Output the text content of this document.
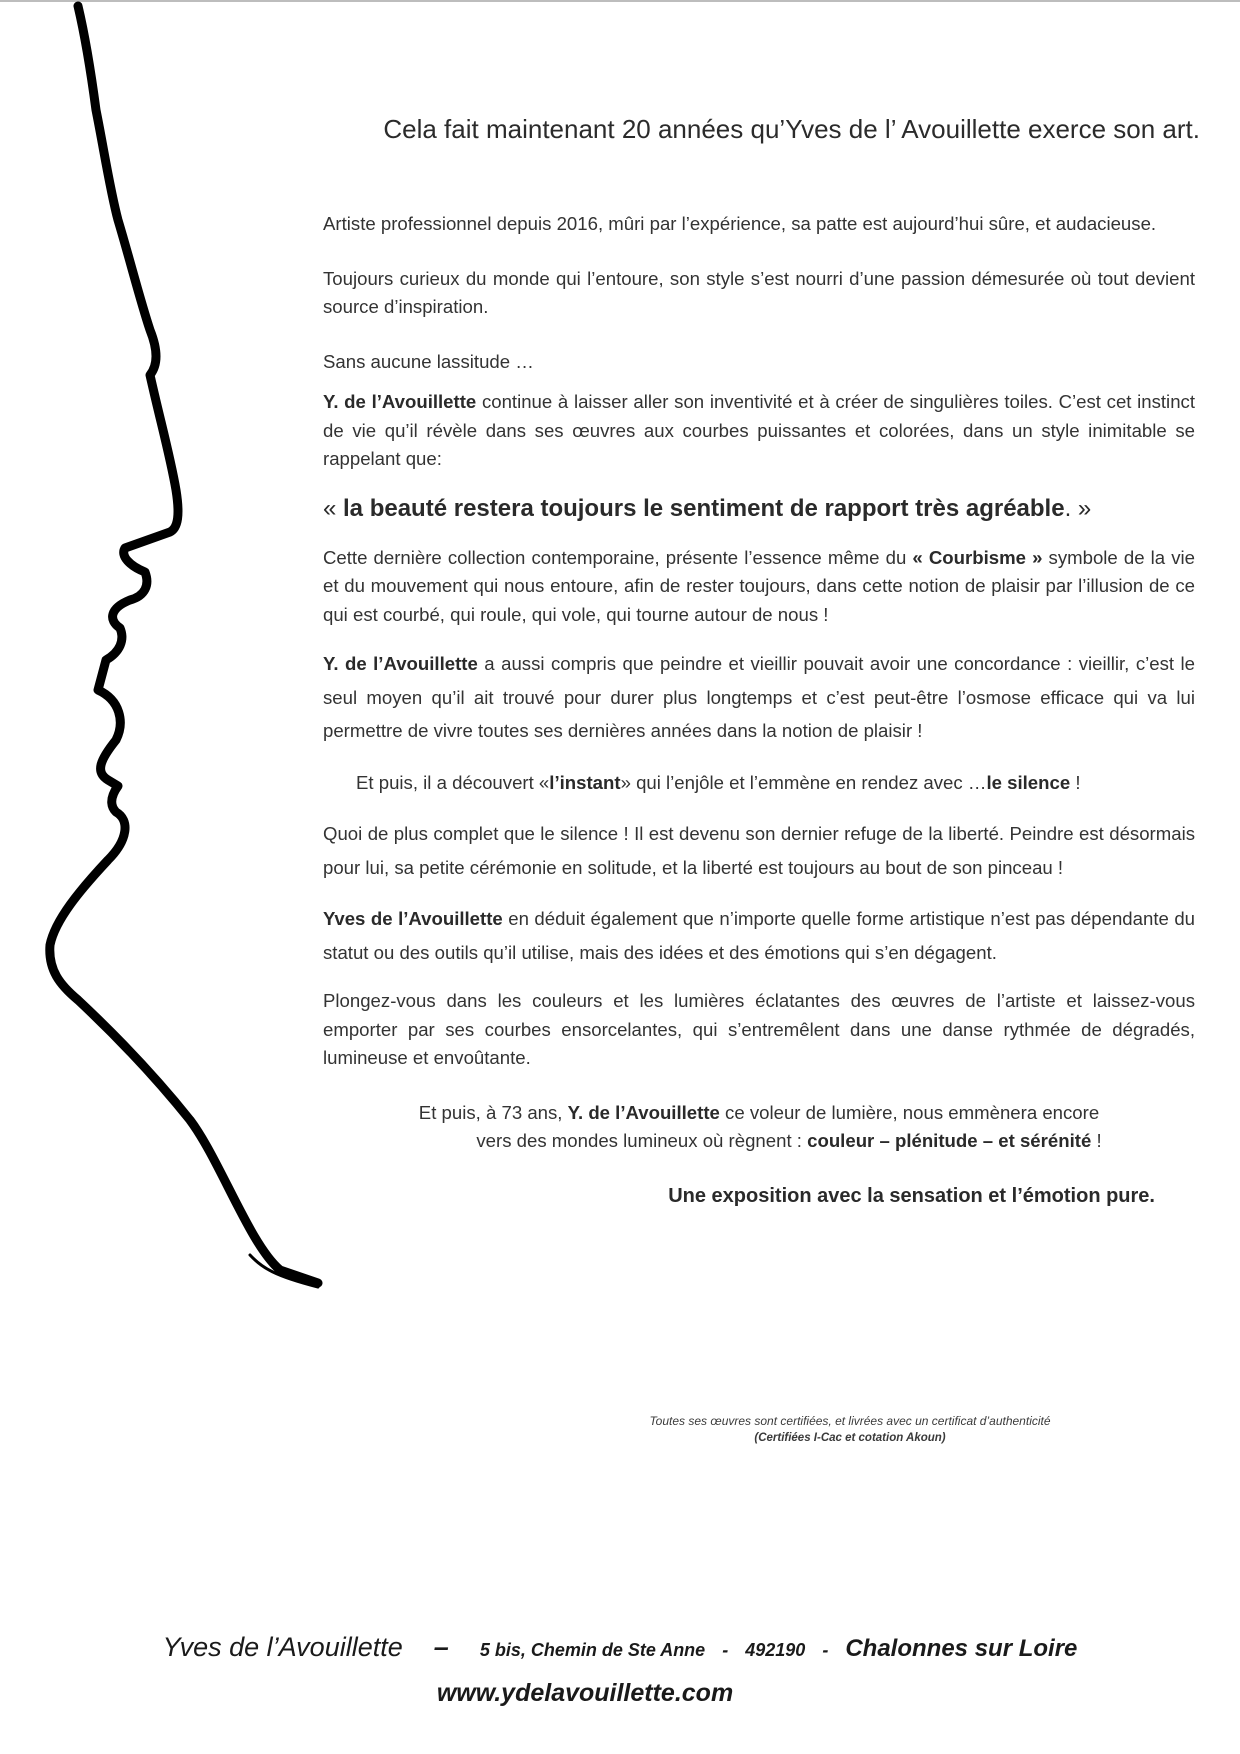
Cela fait maintenant 20 années qu’Yves de l’ Avouillette exerce son art.

Artiste professionnel depuis 2016, mûri par l’expérience, sa patte est aujourd’hui sûre, et audacieuse.

Toujours curieux du monde qui l’entoure, son style s’est nourri d’une passion démesurée où tout devient source d’inspiration.

Sans aucune lassitude …

Y. de l’Avouillette continue à laisser aller son inventivité et à créer de singulières toiles. C’est cet instinct de vie qu’il révèle dans ses œuvres aux courbes puissantes et colorées, dans un style inimitable se rappelant que:

« la beauté restera toujours le sentiment de rapport très agréable. »

Cette dernière collection contemporaine, présente l’essence même du « Courbisme » symbole de la vie et du mouvement qui nous entoure, afin de rester toujours, dans cette notion de plaisir par l’illusion de ce qui est courbé, qui roule, qui vole, qui tourne autour de nous !

Y. de l’Avouillette a aussi compris que peindre et vieillir pouvait avoir une concordance : vieillir, c’est le seul moyen qu’il ait trouvé pour durer plus longtemps et c’est peut-être l’osmose efficace qui va lui permettre de vivre toutes ses dernières années dans la notion de plaisir !

Et puis, il a découvert «l’instant» qui l’enjôle et l’emmène en rendez avec …le silence !

Quoi de plus complet que le silence ! Il est devenu son dernier refuge de la liberté. Peindre est désormais pour lui, sa petite cérémonie en solitude, et la liberté est toujours au bout de son pinceau !

Yves de l’Avouillette en déduit également que n’importe quelle forme artistique n’est pas dépendante du statut ou des outils qu’il utilise, mais des idées et des émotions qui s’en dégagent.

Plongez-vous dans les couleurs et les lumières éclatantes des œuvres de l’artiste et laissez-vous emporter par ses courbes ensorcelantes, qui s’entremêlent dans une danse rythmée de dégradés, lumineuse et envoûtante.

Et puis, à 73 ans, Y. de l’Avouillette ce voleur de lumière, nous emmènera encore
vers des mondes lumineux où règnent : couleur – plénitude – et sérénité !

Une exposition avec la sensation et l’émotion pure.

Toutes ses œuvres sont certifiées, et livrées avec un certificat d’authenticité
(Certifiées I-Cac et cotation Akoun)
Yves de l’Avouillette – 5 bis, Chemin de Ste Anne - 492190 - Chalonnes sur Loire
www.ydelavouillette.com
